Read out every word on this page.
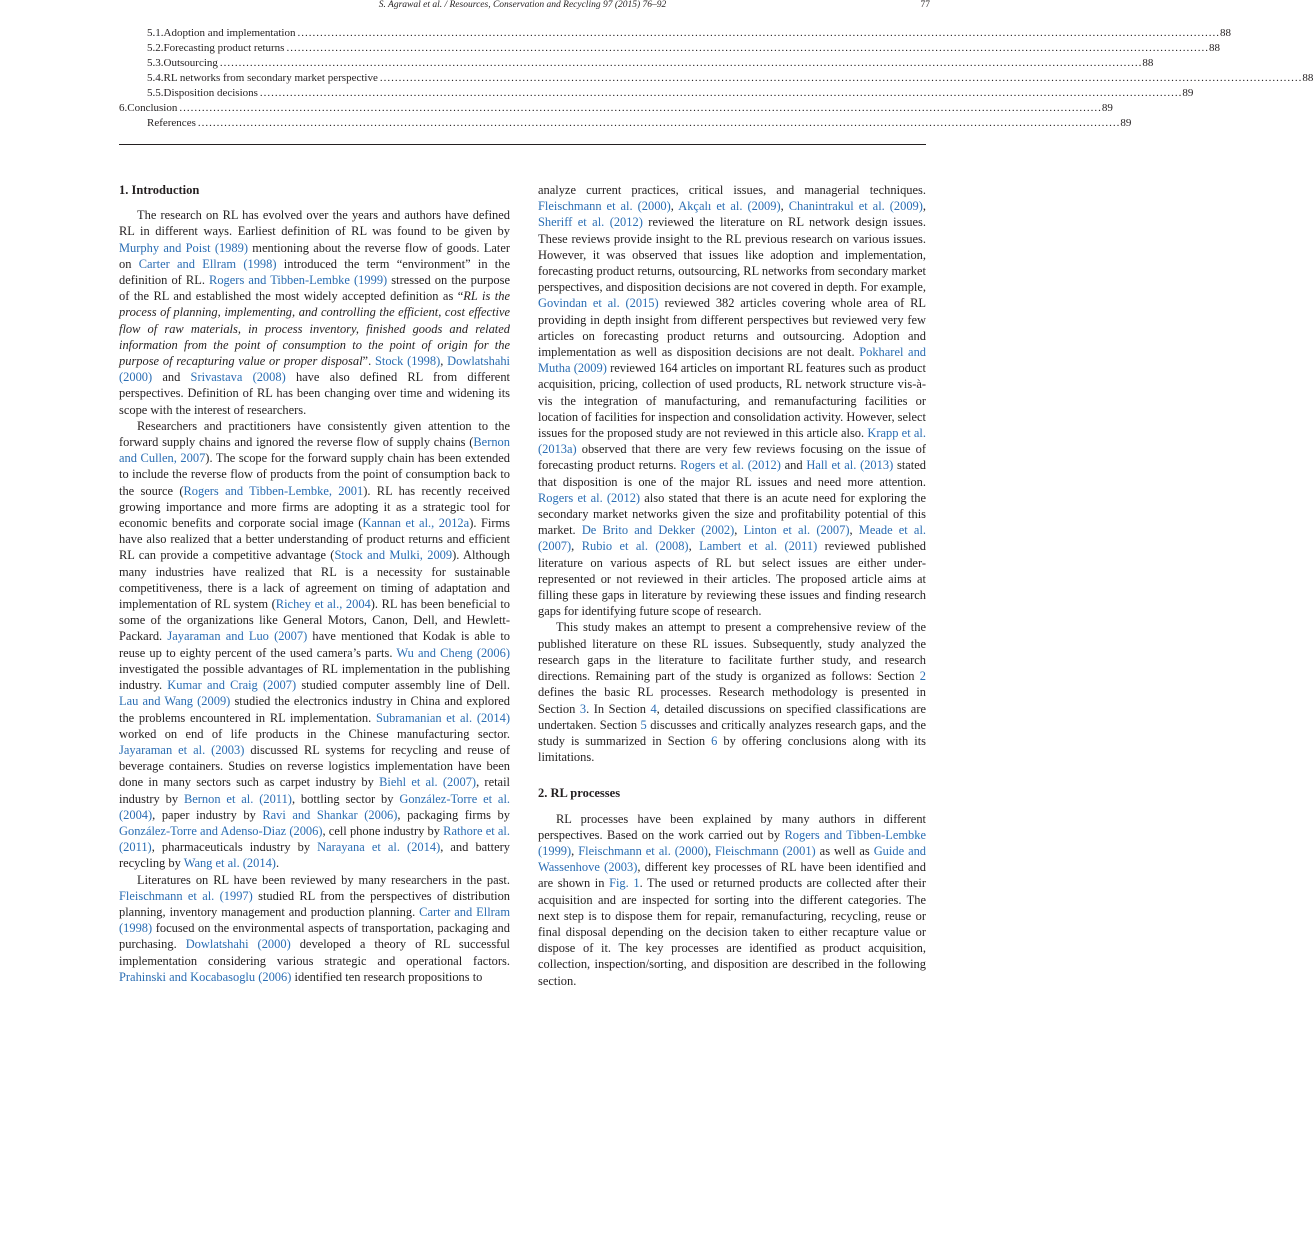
S. Agrawal et al. / Resources, Conservation and Recycling 97 (2015) 76–92	77
5.1. Adoption and implementation .....	88
5.2. Forecasting product returns .....	88
5.3. Outsourcing .....	88
5.4. RL networks from secondary market perspective .....	88
5.5. Disposition decisions .....	89
6. Conclusion .....	89
References .....	89
1. Introduction

The research on RL has evolved over the years and authors have defined RL in different ways. Earliest definition of RL was found to be given by Murphy and Poist (1989) mentioning about the reverse flow of goods. Later on Carter and Ellram (1998) introduced the term “environment” in the definition of RL. Rogers and Tibben-Lembke (1999) stressed on the purpose of the RL and established the most widely accepted definition as “RL is the process of planning, implementing, and controlling the efficient, cost effective flow of raw materials, in process inventory, finished goods and related information from the point of consumption to the point of origin for the purpose of recapturing value or proper disposal”. Stock (1998), Dowlatshahi (2000) and Srivastava (2008) have also defined RL from different perspectives. Definition of RL has been changing over time and widening its scope with the interest of researchers.

Researchers and practitioners have consistently given attention to the forward supply chains and ignored the reverse flow of supply chains (Bernon and Cullen, 2007). The scope for the forward supply chain has been extended to include the reverse flow of products from the point of consumption back to the source (Rogers and Tibben-Lembke, 2001). RL has recently received growing importance and more firms are adopting it as a strategic tool for economic benefits and corporate social image (Kannan et al., 2012a). Firms have also realized that a better understanding of product returns and efficient RL can provide a competitive advantage (Stock and Mulki, 2009). Although many industries have realized that RL is a necessity for sustainable competitiveness, there is a lack of agreement on timing of adaptation and implementation of RL system (Richey et al., 2004). RL has been beneficial to some of the organizations like General Motors, Canon, Dell, and Hewlett-Packard. Jayaraman and Luo (2007) have mentioned that Kodak is able to reuse up to eighty percent of the used camera’s parts. Wu and Cheng (2006) investigated the possible advantages of RL implementation in the publishing industry. Kumar and Craig (2007) studied computer assembly line of Dell. Lau and Wang (2009) studied the electronics industry in China and explored the problems encountered in RL implementation. Subramanian et al. (2014) worked on end of life products in the Chinese manufacturing sector. Jayaraman et al. (2003) discussed RL systems for recycling and reuse of beverage containers. Studies on reverse logistics implementation have been done in many sectors such as carpet industry by Biehl et al. (2007), retail industry by Bernon et al. (2011), bottling sector by González-Torre et al. (2004), paper industry by Ravi and Shankar (2006), packaging firms by González-Torre and Adenso-Diaz (2006), cell phone industry by Rathore et al. (2011), pharmaceuticals industry by Narayana et al. (2014), and battery recycling by Wang et al. (2014).

Literatures on RL have been reviewed by many researchers in the past. Fleischmann et al. (1997) studied RL from the perspectives of distribution planning, inventory management and production planning. Carter and Ellram (1998) focused on the environmental aspects of transportation, packaging and purchasing. Dowlatshahi (2000) developed a theory of RL successful implementation considering various strategic and operational factors. Prahinski and Kocabasoglu (2006) identified ten research propositions to

analyze current practices, critical issues, and managerial techniques. Fleischmann et al. (2000), Akçalı et al. (2009), Chanintrakul et al. (2009), Sheriff et al. (2012) reviewed the literature on RL network design issues. These reviews provide insight to the RL previous research on various issues. However, it was observed that issues like adoption and implementation, forecasting product returns, outsourcing, RL networks from secondary market perspectives, and disposition decisions are not covered in depth. For example, Govindan et al. (2015) reviewed 382 articles covering whole area of RL providing in depth insight from different perspectives but reviewed very few articles on forecasting product returns and outsourcing. Adoption and implementation as well as disposition decisions are not dealt. Pokharel and Mutha (2009) reviewed 164 articles on important RL features such as product acquisition, pricing, collection of used products, RL network structure vis-à-vis the integration of manufacturing, and remanufacturing facilities or location of facilities for inspection and consolidation activity. However, select issues for the proposed study are not reviewed in this article also. Krapp et al. (2013a) observed that there are very few reviews focusing on the issue of forecasting product returns. Rogers et al. (2012) and Hall et al. (2013) stated that disposition is one of the major RL issues and need more attention. Rogers et al. (2012) also stated that there is an acute need for exploring the secondary market networks given the size and profitability potential of this market. De Brito and Dekker (2002), Linton et al. (2007), Meade et al. (2007), Rubio et al. (2008), Lambert et al. (2011) reviewed published literature on various aspects of RL but select issues are either under-represented or not reviewed in their articles. The proposed article aims at filling these gaps in literature by reviewing these issues and finding research gaps for identifying future scope of research.

This study makes an attempt to present a comprehensive review of the published literature on these RL issues. Subsequently, study analyzed the research gaps in the literature to facilitate further study, and research directions. Remaining part of the study is organized as follows: Section 2 defines the basic RL processes. Research methodology is presented in Section 3. In Section 4, detailed discussions on specified classifications are undertaken. Section 5 discusses and critically analyzes research gaps, and the study is summarized in Section 6 by offering conclusions along with its limitations.

2. RL processes

RL processes have been explained by many authors in different perspectives. Based on the work carried out by Rogers and Tibben-Lembke (1999), Fleischmann et al. (2000), Fleischmann (2001) as well as Guide and Wassenhove (2003), different key processes of RL have been identified and are shown in Fig. 1. The used or returned products are collected after their acquisition and are inspected for sorting into the different categories. The next step is to dispose them for repair, remanufacturing, recycling, reuse or final disposal depending on the decision taken to either recapture value or dispose of it. The key processes are identified as product acquisition, collection, inspection/sorting, and disposition are described in the following section.
